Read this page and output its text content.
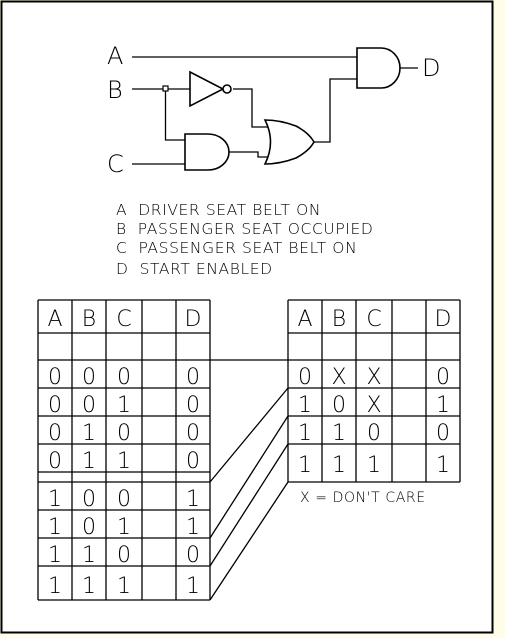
A
B
C
D
A  DRIVER SEAT BELT ON
B  PASSENGER SEAT OCCUPIED
C  PASSENGER SEAT BELT ON
D  START ENABLED
A B C D
0 0 0	0
0 0 1	0
0 1 0	0
0 1 1	0
1 0 0	1
1 0 1	1
1 1 0	0
1 1 1	1
A B C D
0 X X 0
1 0 X 1
1 1 0	0
1 1 1	1
X = DON'T CARE
